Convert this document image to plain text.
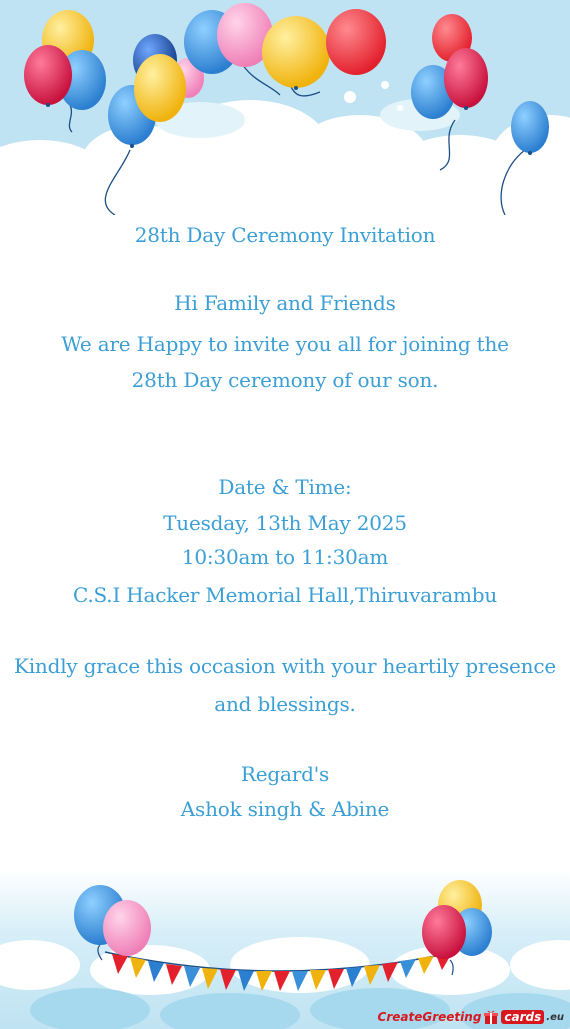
28th Day Ceremony Invitation
Hi Family and Friends
We are Happy to invite you all for joining the
28th Day ceremony of our son.
Date & Time:
Tuesday, 13th May 2025
10:30am to 11:30am
C.S.I Hacker Memorial Hall,Thiruvarambu
Kindly grace this occasion with your heartily presence
and blessings.
Regard's
Ashok singh & Abine
CreateGreeting cards .eu
